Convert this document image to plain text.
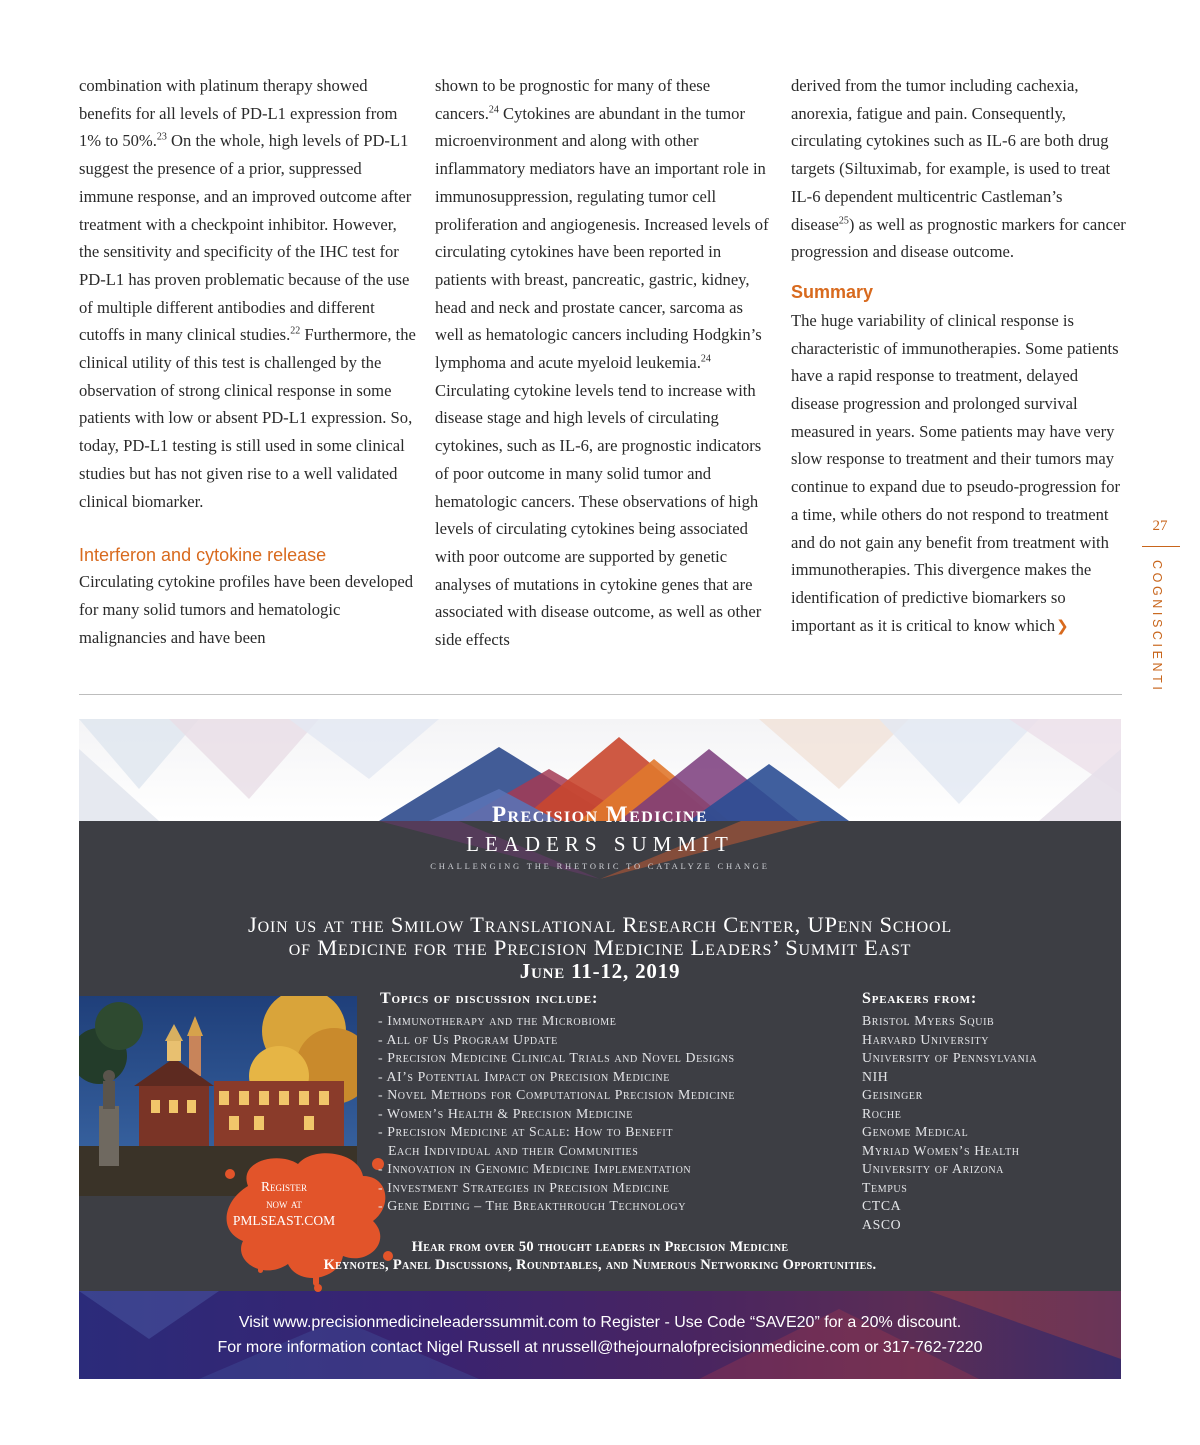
combination with platinum therapy showed benefits for all levels of PD-L1 expression from 1% to 50%.$^{23}$ On the whole, high levels of PD-L1 suggest the presence of a prior, suppressed immune response, and an improved outcome after treatment with a checkpoint inhibitor. However, the sensitivity and specificity of the IHC test for PD-L1 has proven problematic because of the use of multiple different antibodies and different cutoffs in many clinical studies.$^{22}$ Furthermore, the clinical utility of this test is challenged by the observation of strong clinical response in some patients with low or absent PD-L1 expression. So, today, PD-L1 testing is still used in some clinical studies but has not given rise to a well validated clinical biomarker.

Interferon and cytokine release

Circulating cytokine profiles have been developed for many solid tumors and hematologic malignancies and have been

shown to be prognostic for many of these cancers.$^{24}$ Cytokines are abundant in the tumor microenvironment and along with other inflammatory mediators have an important role in immunosuppression, regulating tumor cell proliferation and angiogenesis. Increased levels of circulating cytokines have been reported in patients with breast, pancreatic, gastric, kidney, head and neck and prostate cancer, sarcoma as well as hematologic cancers including Hodgkin’s lymphoma and acute myeloid leukemia.$^{24}$ Circulating cytokine levels tend to increase with disease stage and high levels of circulating cytokines, such as IL-6, are prognostic indicators of poor outcome in many solid tumor and hematologic cancers. These observations of high levels of circulating cytokines being associated with poor outcome are supported by genetic analyses of mutations in cytokine genes that are associated with disease outcome, as well as other side effects

derived from the tumor including cachexia, anorexia, fatigue and pain. Consequently, circulating cytokines such as IL-6 are both drug targets (Siltuximab, for example, is used to treat IL-6 dependent multicentric Castleman’s disease$^{25}$) as well as prognostic markers for cancer progression and disease outcome.

Summary

The huge variability of clinical response is characteristic of immunotherapies. Some patients have a rapid response to treatment, delayed disease progression and prolonged survival measured in years. Some patients may have very slow response to treatment and their tumors may continue to expand due to pseudo-progression for a time, while others do not respond to treatment and do not gain any benefit from treatment with immunotherapies. This divergence makes the identification of predictive biomarkers so important as it is critical to know which❯

27
COGNISCIENTI
Precision Medicine
LEADERS SUMMIT
CHALLENGING THE RHETORIC TO CATALYZE CHANGE
Join us at the Smilow Translational Research Center, UPenn School
of Medicine for the Precision Medicine Leaders’ Summit East
June 11-12, 2019
Register
now at
PMLSEAST.COM
Topics of discussion include:
- Immunotherapy and the Microbiome
- All of Us Program Update
- Precision Medicine Clinical Trials and Novel Designs
- AI’s Potential Impact on Precision Medicine
- Novel Methods for Computational Precision Medicine
- Women’s Health & Precision Medicine
- Precision Medicine at Scale: How to Benefit
Each Individual and their Communities
- Innovation in Genomic Medicine Implementation
- Investment Strategies in Precision Medicine
- Gene Editing – The Breakthrough Technology
Speakers from:
Bristol Myers Squib
Harvard University
University of Pennsylvania
NIH
Geisinger
Roche
Genome Medical
Myriad Women’s Health
University of Arizona
Tempus
CTCA
ASCO
Hear from over 50 thought leaders in Precision Medicine
Keynotes, Panel Discussions, Roundtables, and Numerous Networking Opportunities.
Visit www.precisionmedicineleaderssummit.com to Register - Use Code “SAVE20” for a 20% discount.
For more information contact Nigel Russell at nrussell@thejournalofprecisionmedicine.com or 317-762-7220
